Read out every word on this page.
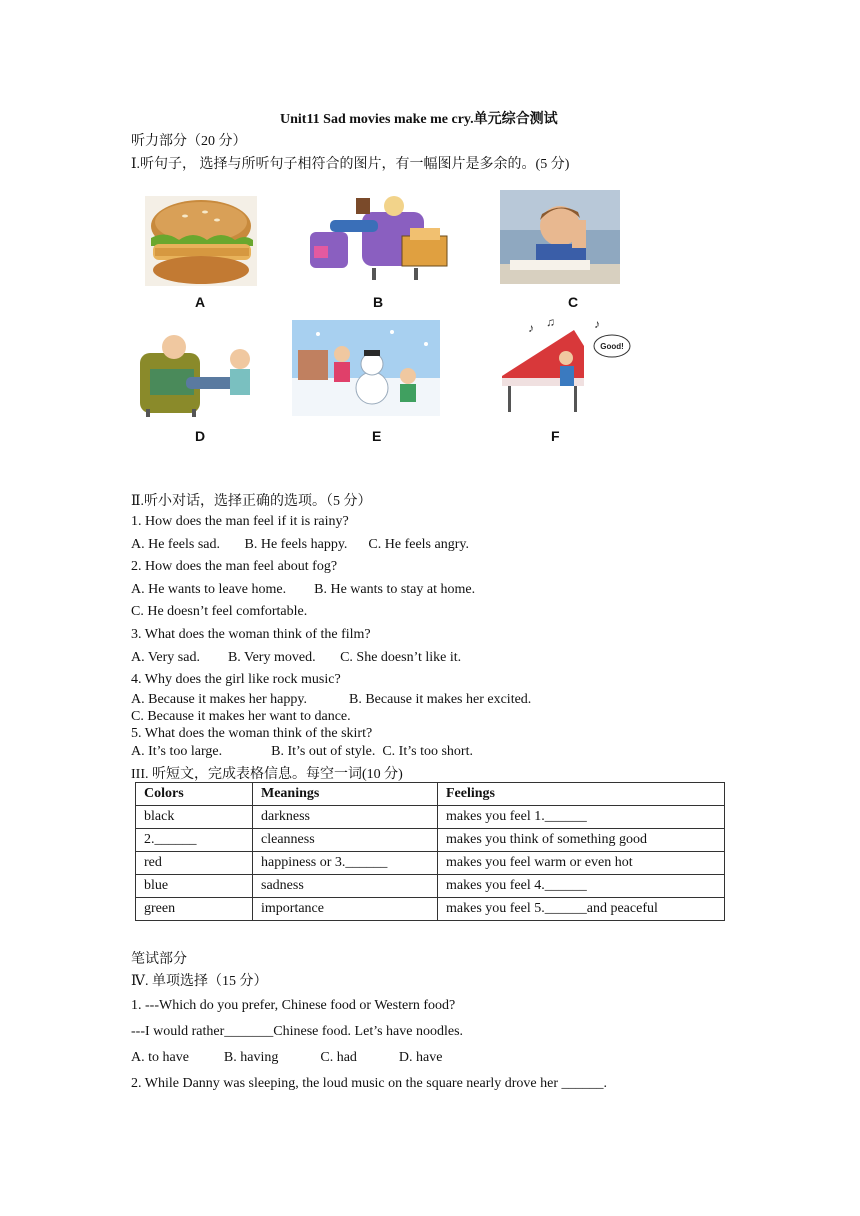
Unit11 Sad movies make me cry.单元综合测试
听力部分（20 分）
Ⅰ.听句子， 选择与所听句子相符合的图片，有一幅图片是多余的。(5 分)
A	B	C
D	E
Good!
♪ ♫	♪
F
Ⅱ.听小对话，选择正确的选项。（5 分）
1. How does the man feel if it is rainy?
A. He feels sad.       B. He feels happy.      C. He feels angry.
2. How does the man feel about fog?
A. He wants to leave home.        B. He wants to stay at home.
C. He doesn’t feel comfortable.
3. What does the woman think of the film?
A. Very sad.        B. Very moved.       C. She doesn’t like it.
4. Why does the girl like rock music?
A. Because it makes her happy.            B. Because it makes her excited.
C. Because it makes her want to dance.
5. What does the woman think of the skirt?
A. It’s too large.              B. It’s out of style.  C. It’s too short.
III. 听短文，完成表格信息。每空一词(10 分)
Colors	Meanings	Feelings
black	darkness	makes you feel 1.______
2.______	cleanness	makes you think of something good
red	happiness or 3.______	makes you feel warm or even hot
blue	sadness	makes you feel 4.______
green	importance	makes you feel 5.______and peaceful
笔试部分
Ⅳ. 单项选择（15 分）
1. ---Which do you prefer, Chinese food or Western food?
---I would rather_______Chinese food. Let’s have noodles.
A. to have          B. having            C. had            D. have
2. While Danny was sleeping, the loud music on the square nearly drove her ______.
